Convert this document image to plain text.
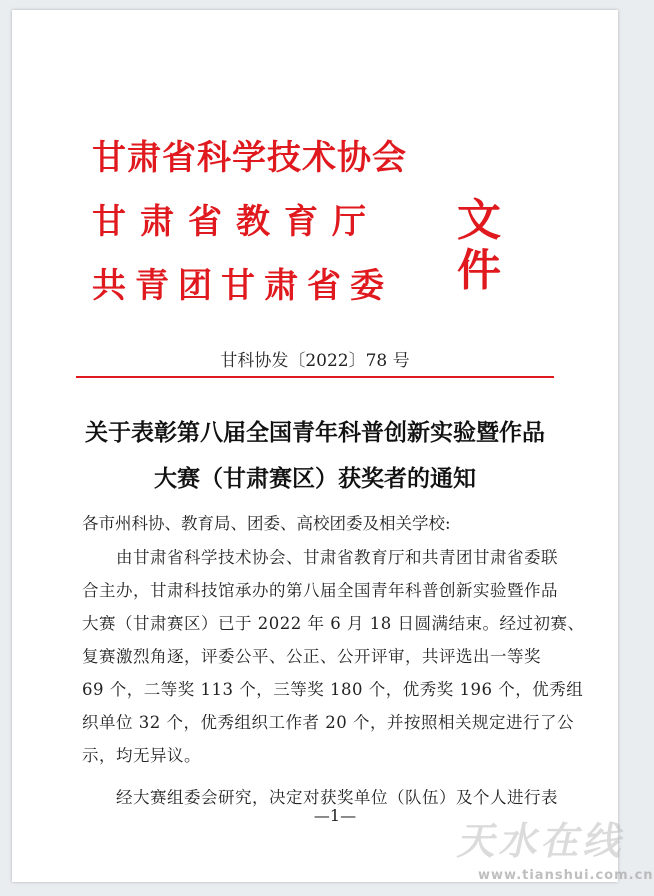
甘肃省科学技术协会
甘肃省教育厅
共青团甘肃省委
文件
甘科协发〔2022〕78 号
关于表彰第八届全国青年科普创新实验暨作品
大赛（甘肃赛区）获奖者的通知
各市州科协、教育局、团委、高校团委及相关学校:
由甘肃省科学技术协会、甘肃省教育厅和共青团甘肃省委联
合主办，甘肃科技馆承办的第八届全国青年科普创新实验暨作品
大赛（甘肃赛区）已于 2022 年 6 月 18 日圆满结束。经过初赛、
复赛激烈角逐，评委公平、公正、公开评审，共评选出一等奖
69 个，二等奖 113 个，三等奖 180 个，优秀奖 196 个，优秀组
织单位 32 个，优秀组织工作者 20 个，并按照相关规定进行了公
示，均无异议。
经大赛组委会研究，决定对获奖单位（队伍）及个人进行表
—1—
天水在线
www.tianshui.com.cn
